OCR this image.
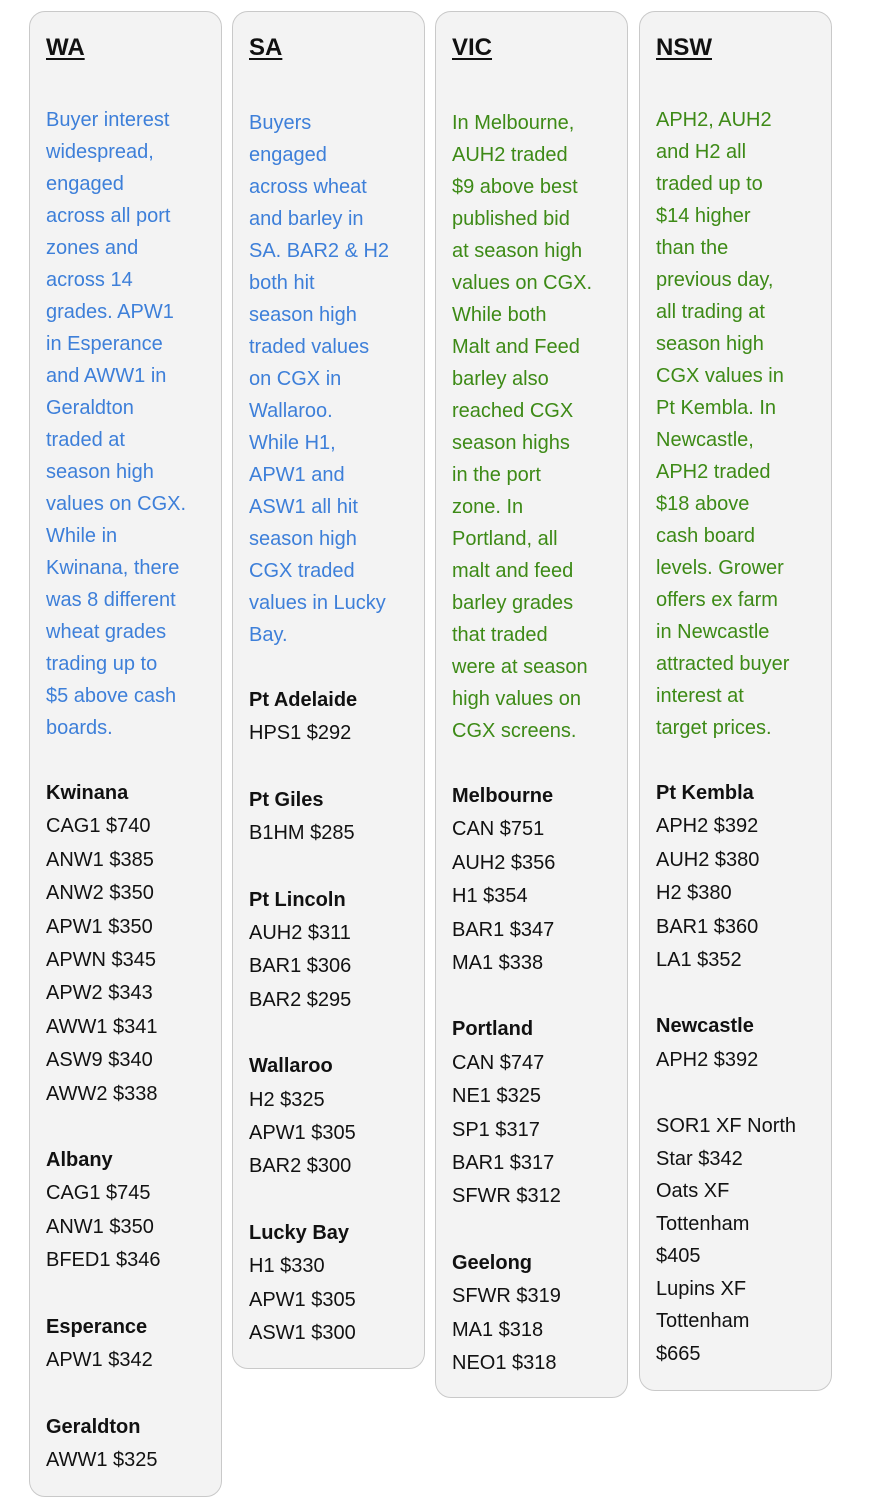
WA
Buyer interest
widespread,
engaged
across all port
zones and
across 14
grades. APW1
in Esperance
and AWW1 in
Geraldton
traded at
season high
values on CGX.
While in
Kwinana, there
was 8 different
wheat grades
trading up to
$5 above cash
boards.
Kwinana
CAG1 $740
ANW1 $385
ANW2 $350
APW1 $350
APWN $345
APW2 $343
AWW1 $341
ASW9 $340
AWW2 $338
Albany
CAG1 $745
ANW1 $350
BFED1 $346
Esperance
APW1 $342
Geraldton
AWW1 $325
SA
Buyers
engaged
across wheat
and barley in
SA. BAR2 & H2
both hit
season high
traded values
on CGX in
Wallaroo.
While H1,
APW1 and
ASW1 all hit
season high
CGX traded
values in Lucky
Bay.
Pt Adelaide
HPS1 $292
Pt Giles
B1HM $285
Pt Lincoln
AUH2 $311
BAR1 $306
BAR2 $295
Wallaroo
H2 $325
APW1 $305
BAR2 $300
Lucky Bay
H1 $330
APW1 $305
ASW1 $300
VIC
In Melbourne,
AUH2 traded
$9 above best
published bid
at season high
values on CGX.
While both
Malt and Feed
barley also
reached CGX
season highs
in the port
zone. In
Portland, all
malt and feed
barley grades
that traded
were at season
high values on
CGX screens.
Melbourne
CAN $751
AUH2 $356
H1 $354
BAR1 $347
MA1 $338
Portland
CAN $747
NE1 $325
SP1 $317
BAR1 $317
SFWR $312
Geelong
SFWR $319
MA1 $318
NEO1 $318
NSW
APH2, AUH2
and H2 all
traded up to
$14 higher
than the
previous day,
all trading at
season high
CGX values in
Pt Kembla. In
Newcastle,
APH2 traded
$18 above
cash board
levels. Grower
offers ex farm
in Newcastle
attracted buyer
interest at
target prices.
Pt Kembla
APH2 $392
AUH2 $380
H2 $380
BAR1 $360
LA1 $352
Newcastle
APH2 $392
SOR1 XF North
Star $342
Oats XF
Tottenham
$405
Lupins XF
Tottenham
$665
